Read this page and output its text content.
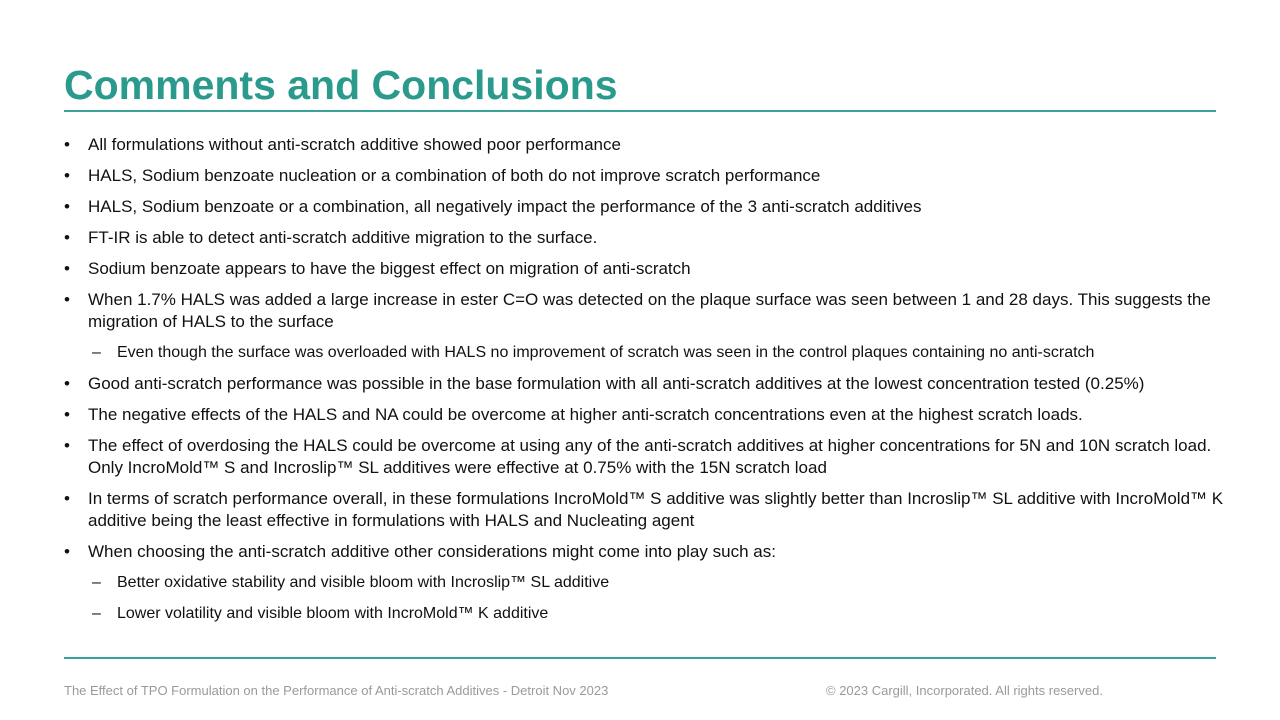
Comments and Conclusions
• All formulations without anti-scratch additive showed poor performance
• HALS, Sodium benzoate nucleation or a combination of both do not improve scratch performance
• HALS, Sodium benzoate or a combination, all negatively impact the performance of the 3 anti-scratch additives
• FT-IR is able to detect anti-scratch additive migration to the surface.
• Sodium benzoate appears to have the biggest effect on migration of anti-scratch
• When 1.7% HALS was added a large increase in ester C=O was detected on the plaque surface was seen between 1 and 28 days. This suggests the migration of HALS to the surface
– Even though the surface was overloaded with HALS no improvement of scratch was seen in the control plaques containing no anti-scratch
• Good anti-scratch performance was possible in the base formulation with all anti-scratch additives at the lowest concentration tested (0.25%)
• The negative effects of the HALS and NA could be overcome at higher anti-scratch concentrations even at the highest scratch loads.
• The effect of overdosing the HALS could be overcome at using any of the anti-scratch additives at higher concentrations for 5N and 10N scratch load. Only IncroMold™ S and Incroslip™ SL additives were effective at 0.75% with the 15N scratch load
• In terms of scratch performance overall, in these formulations IncroMold™ S additive was slightly better than Incroslip™ SL additive with IncroMold™ K additive being the least effective in formulations with HALS and Nucleating agent
• When choosing the anti-scratch additive other considerations might come into play such as:
– Better oxidative stability and visible bloom with Incroslip™ SL additive
– Lower volatility and visible bloom with IncroMold™ K additive
The Effect of TPO Formulation on the Performance of Anti-scratch Additives - Detroit Nov 2023	© 2023 Cargill, Incorporated. All rights reserved.
